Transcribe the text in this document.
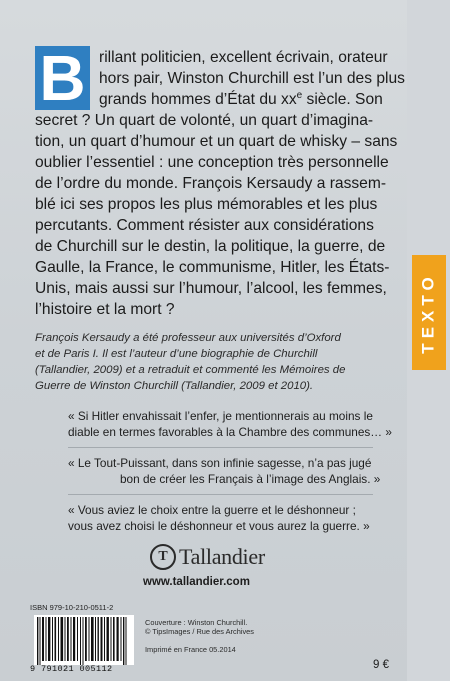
TEXTO
B rillant politicien, excellent écrivain, orateur
hors pair, Winston Churchill est l’un des plus
grands hommes d’État du $xx^e$ siècle. Son
secret ? Un quart de volonté, un quart d’imagina-
tion, un quart d’humour et un quart de whisky – sans
oublier l’essentiel : une conception très personnelle
de l’ordre du monde. François Kersaudy a rassem-
blé ici ses propos les plus mémorables et les plus
percutants. Comment résister aux considérations
de Churchill sur le destin, la politique, la guerre, de
Gaulle, la France, le communisme, Hitler, les États-
Unis, mais aussi sur l’humour, l’alcool, les femmes,
l’histoire et la mort ?
François Kersaudy a été professeur aux universités d’Oxford
et de Paris I. Il est l’auteur d’une biographie de Churchill
(Tallandier, 2009) et a retraduit et commenté les Mémoires de
Guerre de Winston Churchill (Tallandier, 2009 et 2010).
« Si Hitler envahissait l’enfer, je mentionnerais au moins le
diable en termes favorables à la Chambre des communes… »
« Le Tout-Puissant, dans son infinie sagesse, n’a pas jugé
bon de créer les Français à l’image des Anglais. »
« Vous aviez le choix entre la guerre et le déshonneur ;
vous avez choisi le déshonneur et vous aurez la guerre. »
T Tallandier
www.tallandier.com
ISBN 979-10-210-0511-2
9 791021 005112
Couverture : Winston Churchill.
© TipsImages / Rue des Archives
Imprimé en France 05.2014
9 €
